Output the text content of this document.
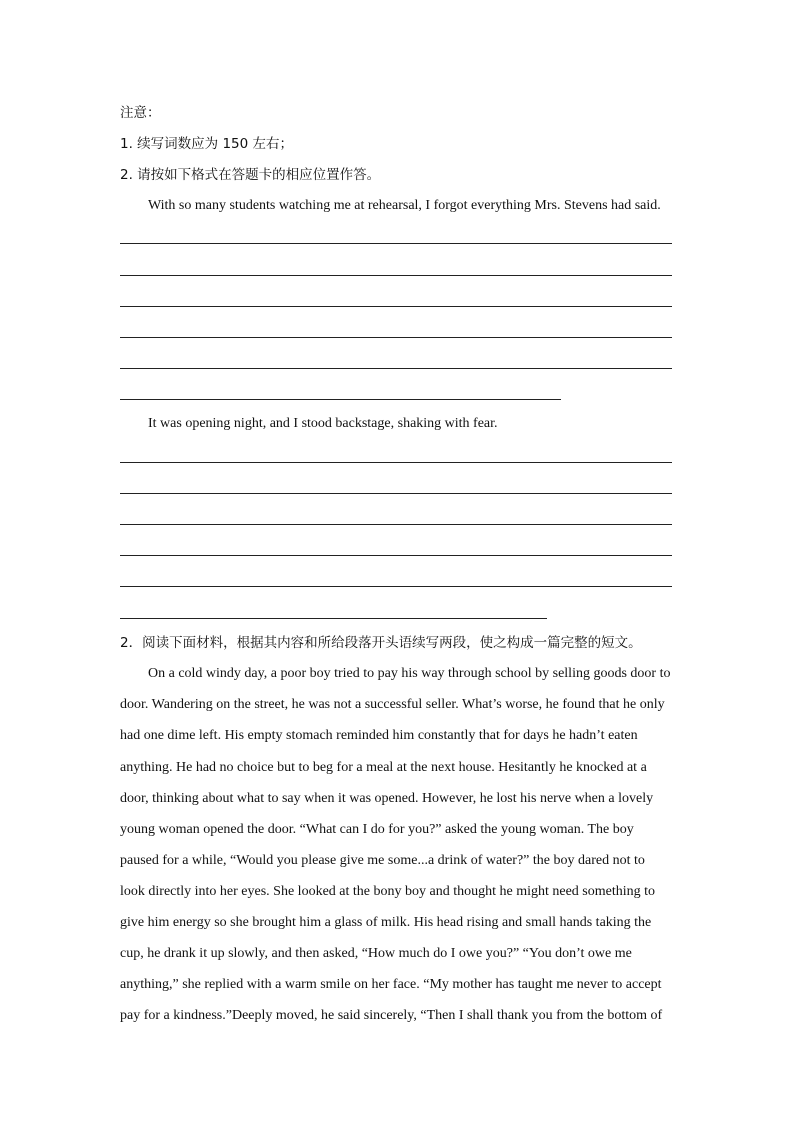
注意：
1. 续写词数应为 150 左右；
2. 请按如下格式在答题卡的相应位置作答。
With so many students watching me at rehearsal, I forgot everything Mrs. Stevens had said.
It was opening night, and I stood backstage, shaking with fear.
2．阅读下面材料，根据其内容和所给段落开头语续写两段，使之构成一篇完整的短文。
On a cold windy day, a poor boy tried to pay his way through school by selling goods door to
door. Wandering on the street, he was not a successful seller. What’s worse, he found that he only
had one dime left. His empty stomach reminded him constantly that for days he hadn’t eaten
anything. He had no choice but to beg for a meal at the next house. Hesitantly he knocked at a
door, thinking about what to say when it was opened. However, he lost his nerve when a lovely
young woman opened the door. “What can I do for you?” asked the young woman. The boy
paused for a while, “Would you please give me some...a drink of water?” the boy dared not to
look directly into her eyes. She looked at the bony boy and thought he might need something to
give him energy so she brought him a glass of milk. His head rising and small hands taking the
cup, he drank it up slowly, and then asked, “How much do I owe you?” “You don’t owe me
anything,” she replied with a warm smile on her face. “My mother has taught me never to accept
pay for a kindness.”Deeply moved, he said sincerely, “Then I shall thank you from the bottom of
